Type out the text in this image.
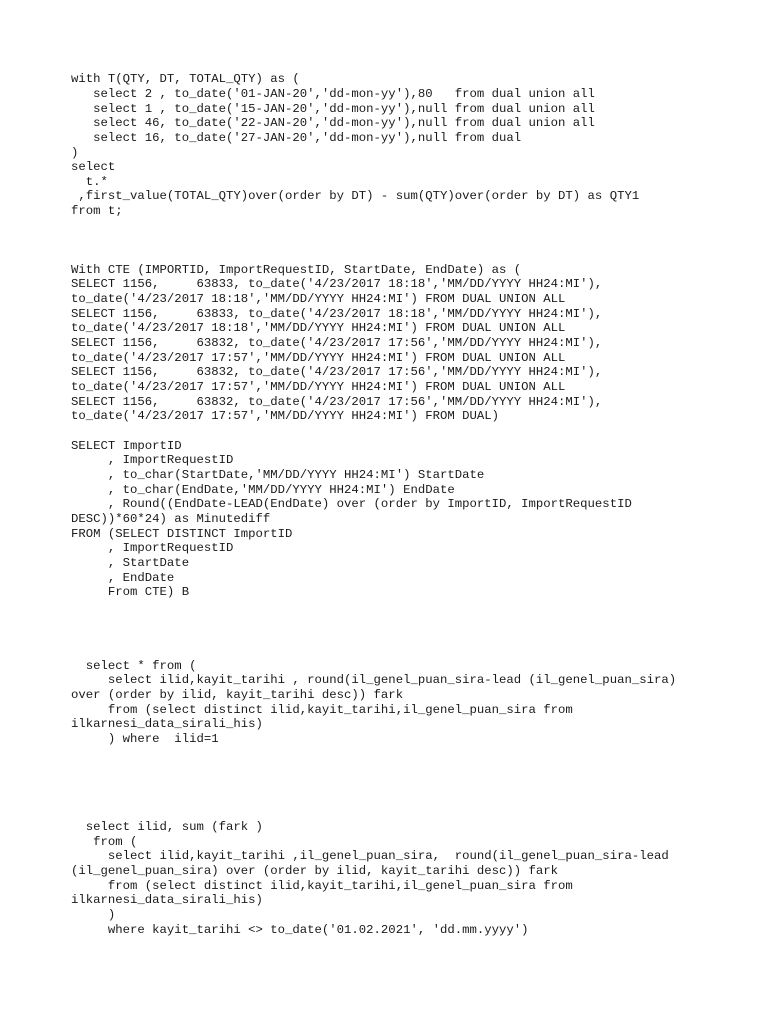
with T(QTY, DT, TOTAL_QTY) as (

select 2 , to_date('01-JAN-20','dd-mon-yy'),80   from dual union all

select 1 , to_date('15-JAN-20','dd-mon-yy'),null from dual union all

select 46, to_date('22-JAN-20','dd-mon-yy'),null from dual union all

select 16, to_date('27-JAN-20','dd-mon-yy'),null from dual

)

select

t.*

,first_value(TOTAL_QTY)over(order by DT) - sum(QTY)over(order by DT) as QTY1

from t;

With CTE (IMPORTID, ImportRequestID, StartDate, EndDate) as (

SELECT 1156,     63833, to_date('4/23/2017 18:18','MM/DD/YYYY HH24:MI'),

to_date('4/23/2017 18:18','MM/DD/YYYY HH24:MI') FROM DUAL UNION ALL

SELECT 1156,     63833, to_date('4/23/2017 18:18','MM/DD/YYYY HH24:MI'),

to_date('4/23/2017 18:18','MM/DD/YYYY HH24:MI') FROM DUAL UNION ALL

SELECT 1156,     63832, to_date('4/23/2017 17:56','MM/DD/YYYY HH24:MI'),

to_date('4/23/2017 17:57','MM/DD/YYYY HH24:MI') FROM DUAL UNION ALL

SELECT 1156,     63832, to_date('4/23/2017 17:56','MM/DD/YYYY HH24:MI'),

to_date('4/23/2017 17:57','MM/DD/YYYY HH24:MI') FROM DUAL UNION ALL

SELECT 1156,     63832, to_date('4/23/2017 17:56','MM/DD/YYYY HH24:MI'),

to_date('4/23/2017 17:57','MM/DD/YYYY HH24:MI') FROM DUAL)

SELECT ImportID

, ImportRequestID

, to_char(StartDate,'MM/DD/YYYY HH24:MI') StartDate

, to_char(EndDate,'MM/DD/YYYY HH24:MI') EndDate

, Round((EndDate-LEAD(EndDate) over (order by ImportID, ImportRequestID

DESC))*60*24) as Minutediff

FROM (SELECT DISTINCT ImportID

, ImportRequestID

, StartDate

, EndDate

From CTE) B

select * from (

select ilid,kayit_tarihi , round(il_genel_puan_sira-lead (il_genel_puan_sira)

over (order by ilid, kayit_tarihi desc)) fark

from (select distinct ilid,kayit_tarihi,il_genel_puan_sira from

ilkarnesi_data_sirali_his)

) where  ilid=1

select ilid, sum (fark )

from (

select ilid,kayit_tarihi ,il_genel_puan_sira,  round(il_genel_puan_sira-lead

(il_genel_puan_sira) over (order by ilid, kayit_tarihi desc)) fark

from (select distinct ilid,kayit_tarihi,il_genel_puan_sira from

ilkarnesi_data_sirali_his)

)

where kayit_tarihi <> to_date('01.02.2021', 'dd.mm.yyyy')
